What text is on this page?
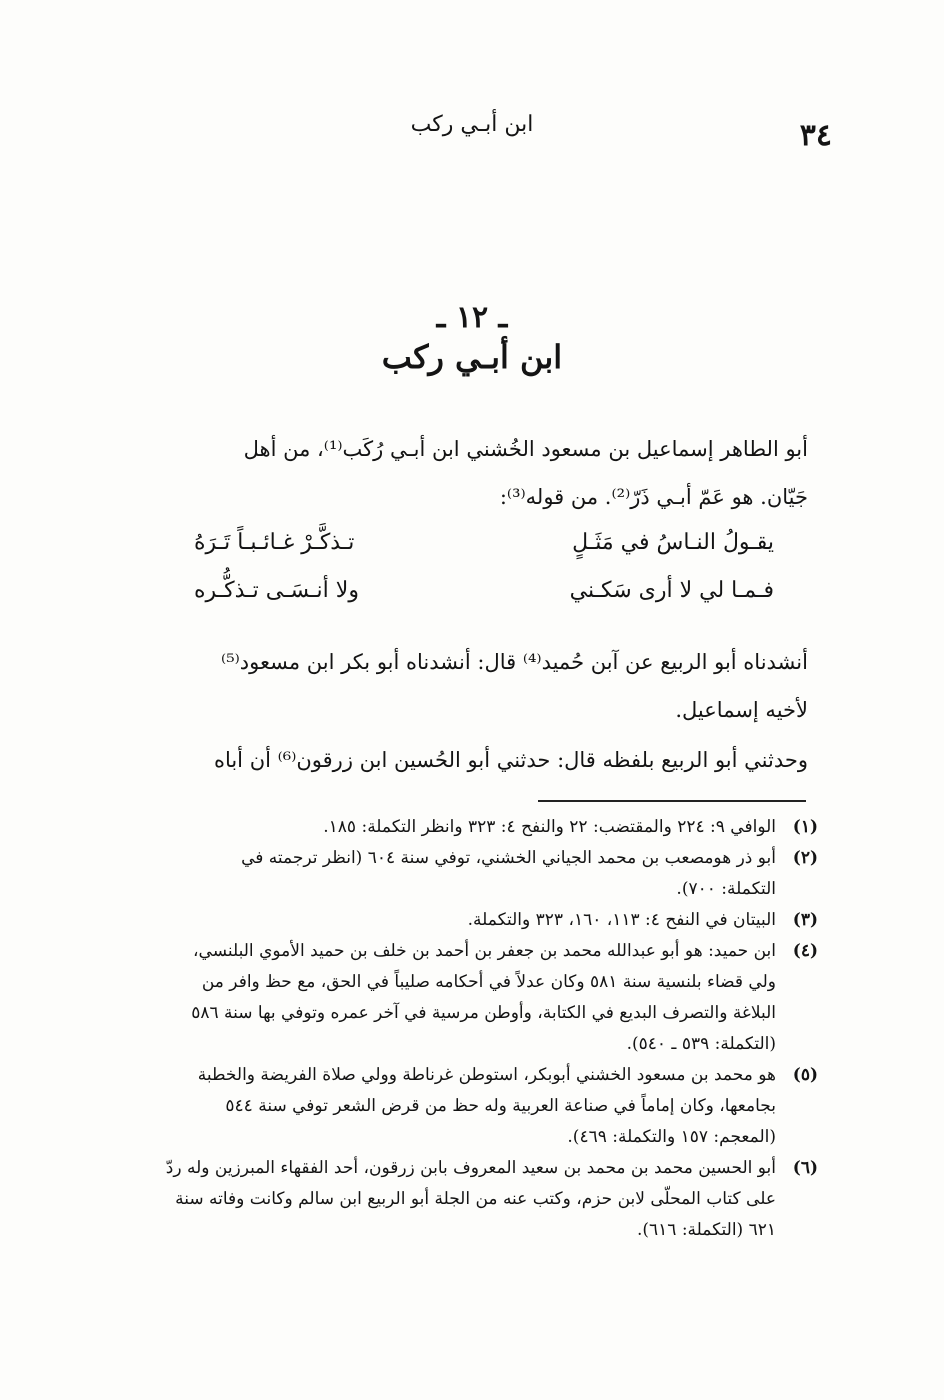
ابن أبـي ركب	٣٤
ـ ١٢ ـ
ابن أبـي ركب
أبو الطاهر إسماعيل بن مسعود الخُشني ابن أبـي رُكَب⁽¹⁾، من أهل
جَيّان. هو عَمّ أبـي ذَرّ⁽²⁾. من قوله⁽³⁾:
يقـولُ النـاسُ في مَثَـلٍ
تـذكَّـرْ غـائـبـاً تَـرَهُ
فـمـا لي لا أرى سَكـني
ولا أنـسَـى تـذكُّـره
أنشدناه أبو الربيع عن آبن حُميد⁽⁴⁾ قال: أنشدناه أبو بكر ابن مسعود⁽⁵⁾
لأخيه إسماعيل.
وحدثني أبو الربيع بلفظه قال: حدثني أبو الحُسين ابن زرقون⁽⁶⁾ أن أباه
(١)
الوافي ٩: ٢٢٤ والمقتضب: ٢٢ والنفح ٤: ٣٢٣ وانظر التكملة: ١٨٥.
(٢)
أبو ذر هومصعب بن محمد الجياني الخشني، توفي سنة ٦٠٤ (انظر ترجمته في
التكملة: ٧٠٠).
(٣)
البيتان في النفح ٤: ١١٣، ١٦٠، ٣٢٣ والتكملة.
(٤)
ابن حميد: هو أبو عبدالله محمد بن جعفر بن أحمد بن خلف بن حميد الأموي البلنسي،
ولي قضاء بلنسية سنة ٥٨١ وكان عدلاً في أحكامه صليباً في الحق، مع حظ وافر من
البلاغة والتصرف البديع في الكتابة، وأوطن مرسية في آخر عمره وتوفي بها سنة ٥٨٦
(التكملة: ٥٣٩ ـ ٥٤٠).
(٥)
هو محمد بن مسعود الخشني أبوبكر، استوطن غرناطة وولي صلاة الفريضة والخطبة
بجامعها، وكان إماماً في صناعة العربية وله حظ من قرض الشعر توفي سنة ٥٤٤
(المعجم: ١٥٧ والتكملة: ٤٦٩).
(٦)
أبو الحسين محمد بن محمد بن سعيد المعروف بابن زرقون، أحد الفقهاء المبرزين وله ردّ
على كتاب المحلّى لابن حزم، وكتب عنه من الجلة أبو الربيع ابن سالم وكانت وفاته سنة
٦٢١ (التكملة: ٦١٦).
